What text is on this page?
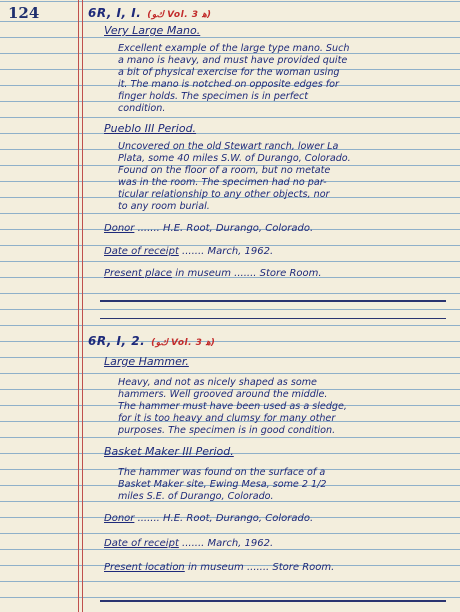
124	6R, I, I. (ﻙﻮ Vol. 3 ﻫ)
Very Large Mano.
Excellent example of the large type mano. Such
a mano is heavy, and must have provided quite
a bit of physical exercise for the woman using
it. The mano is notched on opposite edges for
finger holds. The specimen is in perfect
condition.
Pueblo III Period.
Uncovered on the old Stewart ranch, lower La
Plata, some 40 miles S.W. of Durango, Colorado.
Found on the floor of a room, but no metate
was in the room. The specimen had no par-
ticular relationship to any other objects, nor
to any room burial.
Donor ....... H.E. Root, Durango, Colorado.
Date of receipt ....... March, 1962.
Present place in museum ....... Store Room.
6R, I, 2. (ﻙﻮ Vol. 3 ﻫ)
Large Hammer.
Heavy, and not as nicely shaped as some
hammers. Well grooved around the middle.
The hammer must have been used as a sledge,
for it is too heavy and clumsy for many other
purposes. The specimen is in good condition.
Basket Maker III Period.
The hammer was found on the surface of a
Basket Maker site, Ewing Mesa, some 2 1/2
miles S.E. of Durango, Colorado.
Donor ....... H.E. Root, Durango, Colorado.
Date of receipt ....... March, 1962.
Present location in museum ....... Store Room.
